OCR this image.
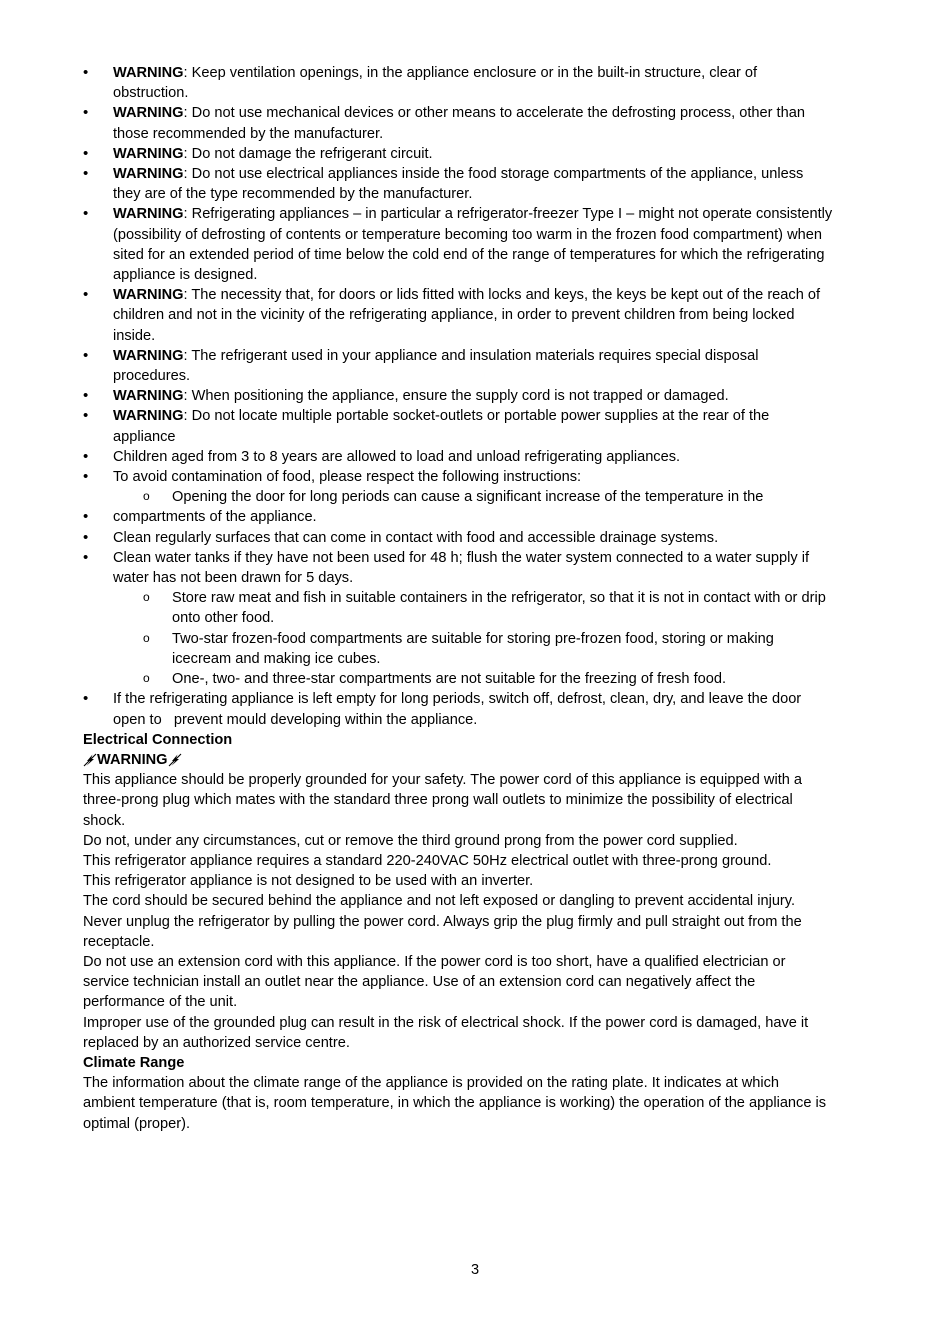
• WARNING: Keep ventilation openings, in the appliance enclosure or in the built-in structure, clear of obstruction.
• WARNING: Do not use mechanical devices or other means to accelerate the defrosting process, other than those recommended by the manufacturer.
• WARNING: Do not damage the refrigerant circuit.
• WARNING: Do not use electrical appliances inside the food storage compartments of the appliance, unless they are of the type recommended by the manufacturer.
• WARNING: Refrigerating appliances – in particular a refrigerator-freezer Type I – might not operate consistently (possibility of defrosting of contents or temperature becoming too warm in the frozen food compartment) when sited for an extended period of time below the cold end of the range of temperatures for which the refrigerating appliance is designed.
• WARNING: The necessity that, for doors or lids fitted with locks and keys, the keys be kept out of the reach of children and not in the vicinity of the refrigerating appliance, in order to prevent children from being locked inside.
• WARNING: The refrigerant used in your appliance and insulation materials requires special disposal procedures.
• WARNING: When positioning the appliance, ensure the supply cord is not trapped or damaged.
• WARNING: Do not locate multiple portable socket-outlets or portable power supplies at the rear of the appliance
• Children aged from 3 to 8 years are allowed to load and unload refrigerating appliances.
• To avoid contamination of food, please respect the following instructions:
o Opening the door for long periods can cause a significant increase of the temperature in the
• compartments of the appliance.
• Clean regularly surfaces that can come in contact with food and accessible drainage systems.
• Clean water tanks if they have not been used for 48 h; flush the water system connected to a water supply if water has not been drawn for 5 days.
o Store raw meat and fish in suitable containers in the refrigerator, so that it is not in contact with or drip onto other food.
o Two-star frozen-food compartments are suitable for storing pre-frozen food, storing or making icecream and making ice cubes.
o One-, two- and three-star compartments are not suitable for the freezing of fresh food.
• If the refrigerating appliance is left empty for long periods, switch off, defrost, clean, dry, and leave the door open to   prevent mould developing within the appliance.
Electrical Connection
WARNING

This appliance should be properly grounded for your safety. The power cord of this appliance is equipped with a three-prong plug which mates with the standard three prong wall outlets to minimize the possibility of electrical shock.

Do not, under any circumstances, cut or remove the third ground prong from the power cord supplied.

This refrigerator appliance requires a standard 220-240VAC 50Hz electrical outlet with three-prong ground.

This refrigerator appliance is not designed to be used with an inverter.

The cord should be secured behind the appliance and not left exposed or dangling to prevent accidental injury.

Never unplug the refrigerator by pulling the power cord. Always grip the plug firmly and pull straight out from the receptacle.

Do not use an extension cord with this appliance. If the power cord is too short, have a qualified electrician or service technician install an outlet near the appliance. Use of an extension cord can negatively affect the performance of the unit.

Improper use of the grounded plug can result in the risk of electrical shock. If the power cord is damaged, have it replaced by an authorized service centre.

Climate Range

The information about the climate range of the appliance is provided on the rating plate. It indicates at which ambient temperature (that is, room temperature, in which the appliance is working) the operation of the appliance is optimal (proper).

3
